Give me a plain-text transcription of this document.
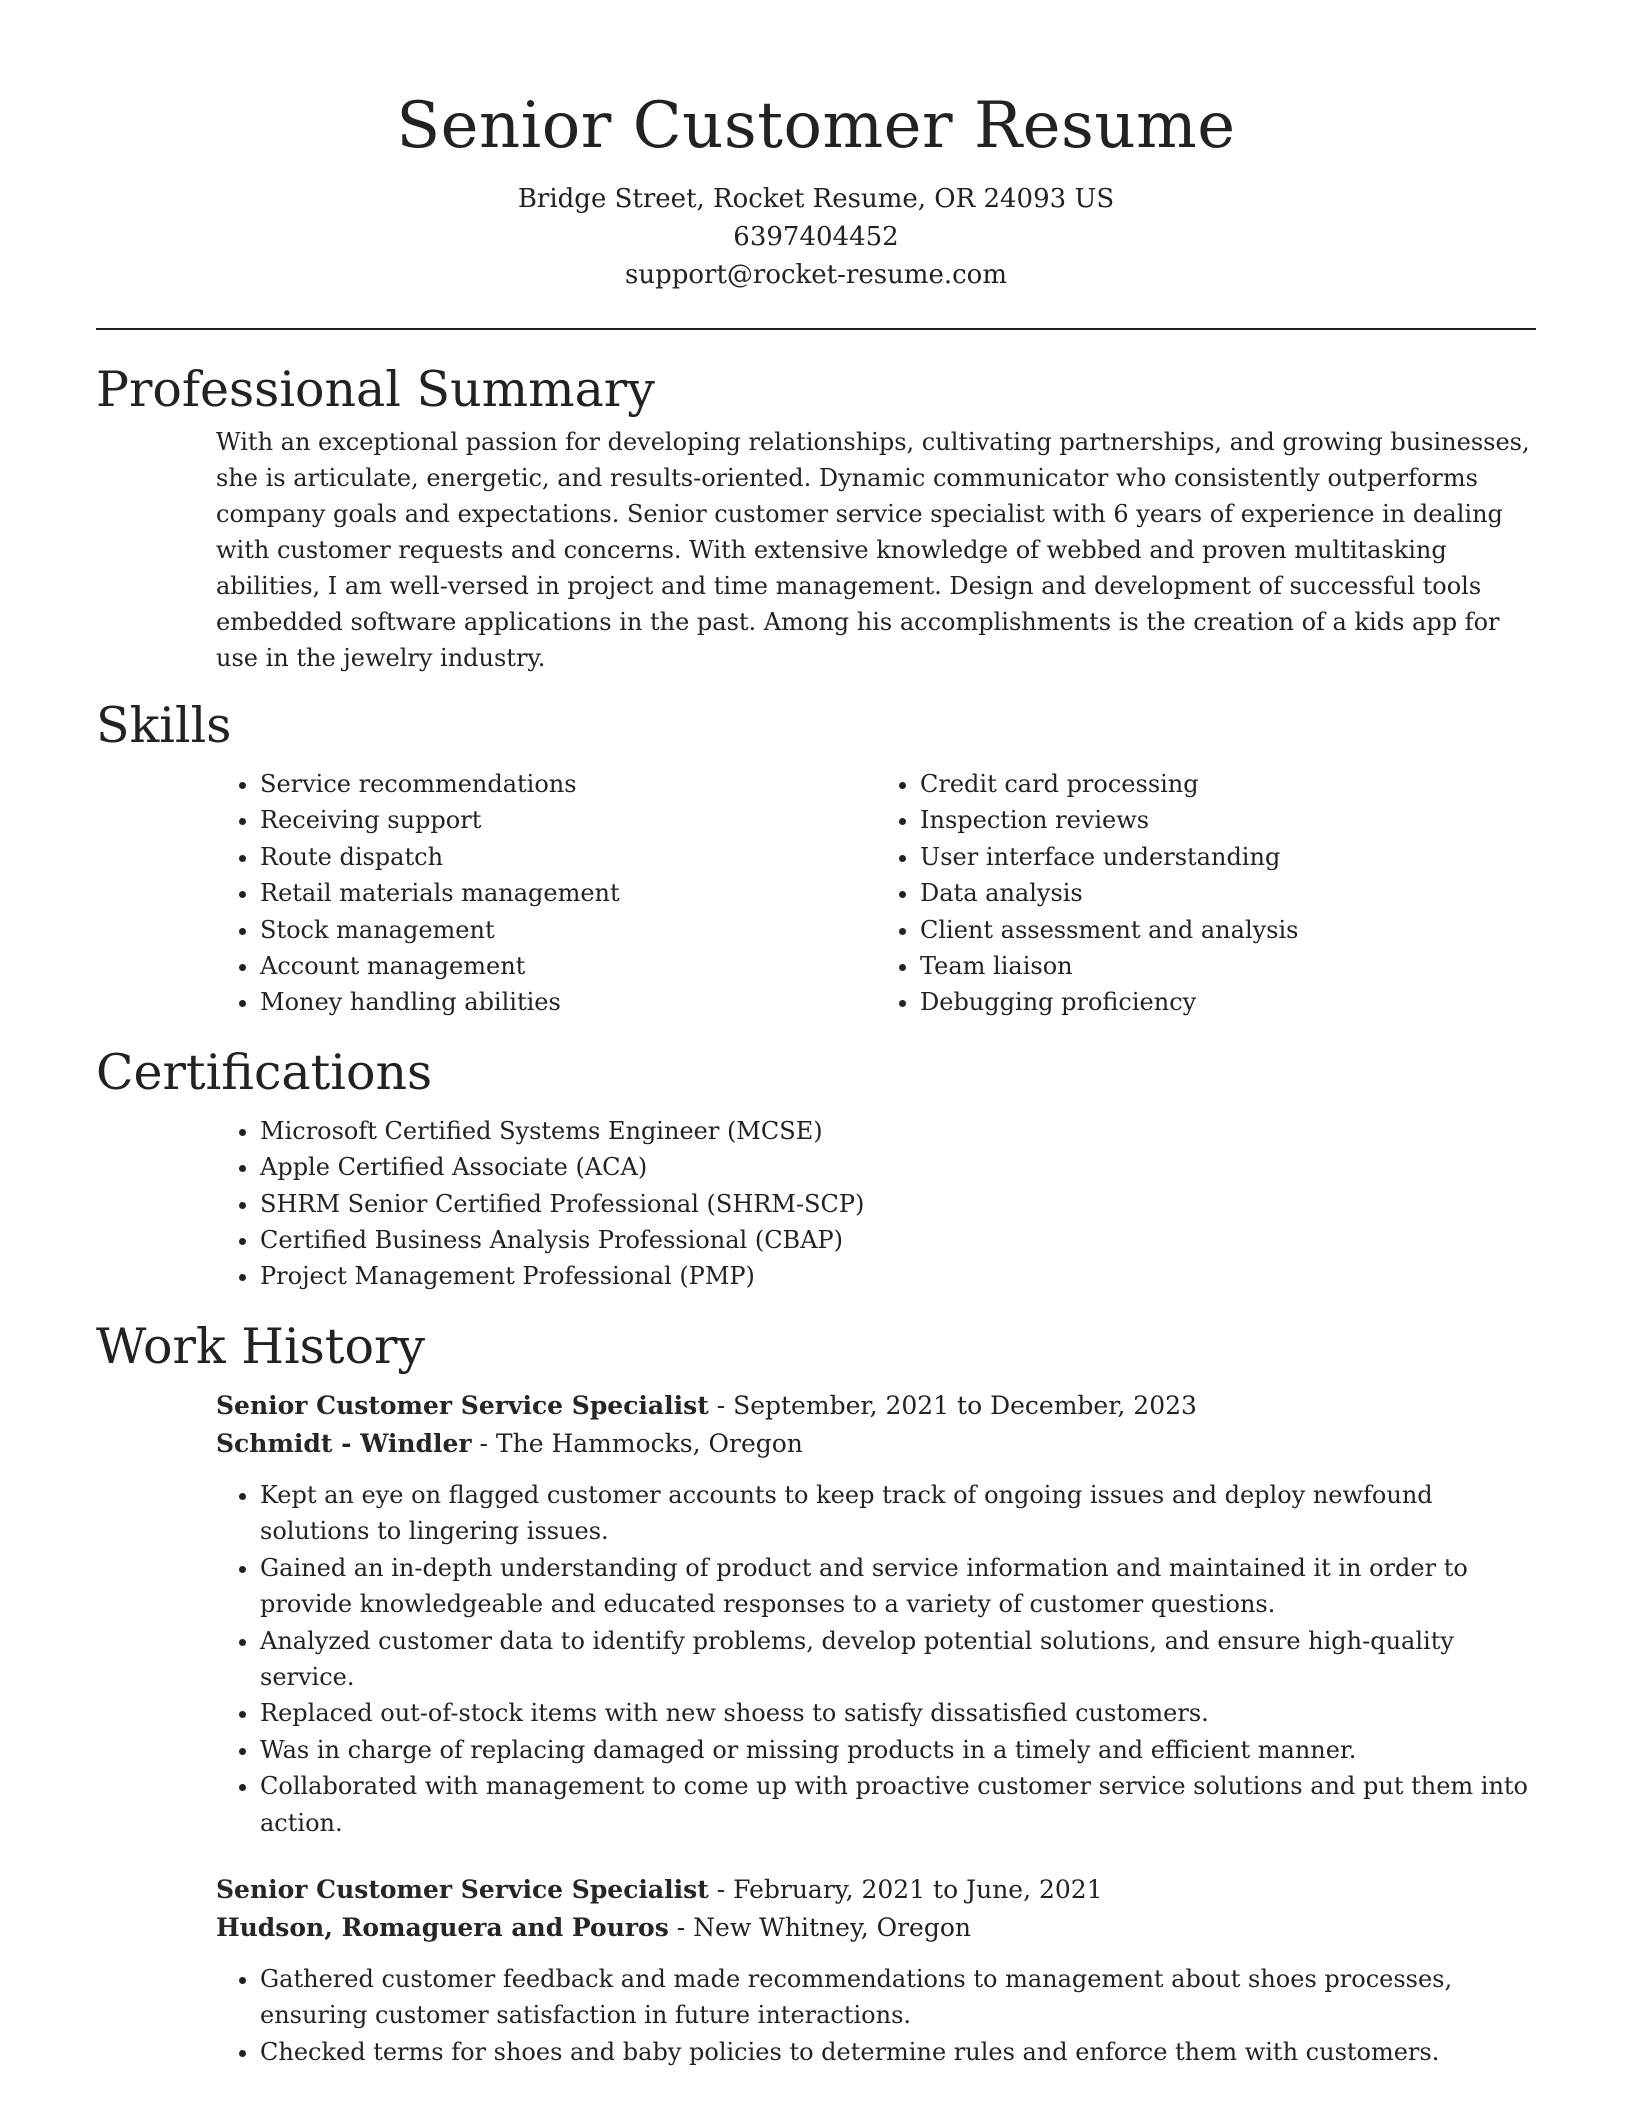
Senior Customer Resume
Bridge Street, Rocket Resume, OR 24093 US
6397404452
support@rocket-resume.com
Professional Summary

With an exceptional passion for developing relationships, cultivating partnerships, and growing businesses, she is articulate, energetic, and results-oriented. Dynamic communicator who consistently outperforms company goals and expectations. Senior customer service specialist with 6 years of experience in dealing with customer requests and concerns. With extensive knowledge of webbed and proven multitasking abilities, I am well-versed in project and time management. Design and development of successful tools embedded software applications in the past. Among his accomplishments is the creation of a kids app for use in the jewelry industry.

Skills
• Service recommendations
• Receiving support
• Route dispatch
• Retail materials management
• Stock management
• Account management
• Money handling abilities
• Credit card processing
• Inspection reviews
• User interface understanding
• Data analysis
• Client assessment and analysis
• Team liaison
• Debugging proficiency
Certifications
• Microsoft Certified Systems Engineer (MCSE)
• Apple Certified Associate (ACA)
• SHRM Senior Certified Professional (SHRM-SCP)
• Certified Business Analysis Professional (CBAP)
• Project Management Professional (PMP)
Work History
Senior Customer Service Specialist - September, 2021 to December, 2023
Schmidt - Windler - The Hammocks, Oregon
• Kept an eye on flagged customer accounts to keep track of ongoing issues and deploy newfound solutions to lingering issues.
• Gained an in-depth understanding of product and service information and maintained it in order to provide knowledgeable and educated responses to a variety of customer questions.
• Analyzed customer data to identify problems, develop potential solutions, and ensure high-quality service.
• Replaced out-of-stock items with new shoess to satisfy dissatisfied customers.
• Was in charge of replacing damaged or missing products in a timely and efficient manner.
• Collaborated with management to come up with proactive customer service solutions and put them into action.
Senior Customer Service Specialist - February, 2021 to June, 2021
Hudson, Romaguera and Pouros - New Whitney, Oregon
• Gathered customer feedback and made recommendations to management about shoes processes, ensuring customer satisfaction in future interactions.
• Checked terms for shoes and baby policies to determine rules and enforce them with customers.
